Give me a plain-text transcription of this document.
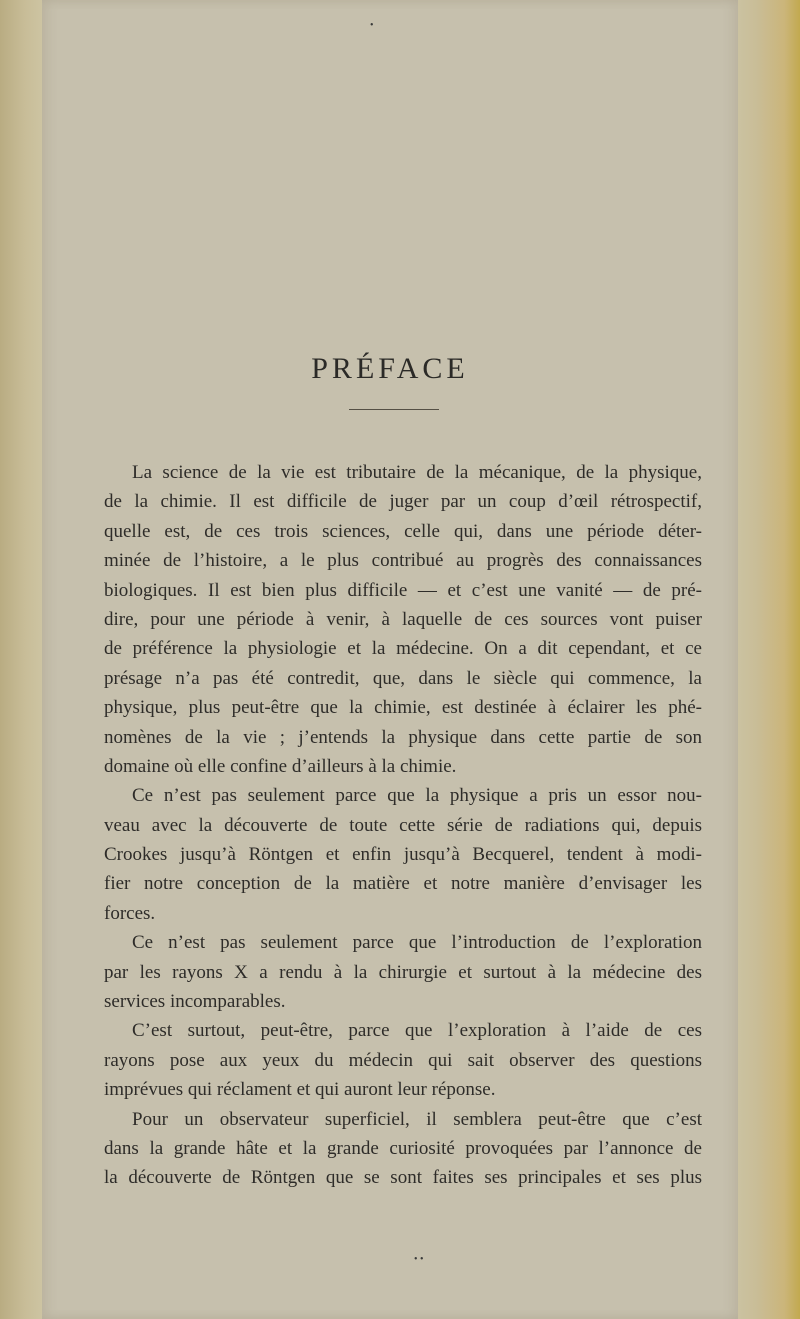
•
PRÉFACE
La science de la vie est tributaire de la mécanique, de la physique,
de la chimie. Il est difficile de juger par un coup d’œil rétrospectif,
quelle est, de ces trois sciences, celle qui, dans une période déter-
minée de l’histoire, a le plus contribué au progrès des connaissances
biologiques. Il est bien plus difficile — et c’est une vanité — de pré-
dire, pour une période à venir, à laquelle de ces sources vont puiser
de préférence la physiologie et la médecine. On a dit cependant, et ce
présage n’a pas été contredit, que, dans le siècle qui commence, la
physique, plus peut-être que la chimie, est destinée à éclairer les phé-
nomènes de la vie ; j’entends la physique dans cette partie de son
domaine où elle confine d’ailleurs à la chimie.
Ce n’est pas seulement parce que la physique a pris un essor nou-
veau avec la découverte de toute cette série de radiations qui, depuis
Crookes jusqu’à Röntgen et enfin jusqu’à Becquerel, tendent à modi-
fier notre conception de la matière et notre manière d’envisager les
forces.
Ce n’est pas seulement parce que l’introduction de l’exploration
par les rayons X a rendu à la chirurgie et surtout à la médecine des
services incomparables.
C’est surtout, peut-être, parce que l’exploration à l’aide de ces
rayons pose aux yeux du médecin qui sait observer des questions
imprévues qui réclament et qui auront leur réponse.
Pour un observateur superficiel, il semblera peut-être que c’est
dans la grande hâte et la grande curiosité provoquées par l’annonce de
la découverte de Röntgen que se sont faites ses principales et ses plus
• •
